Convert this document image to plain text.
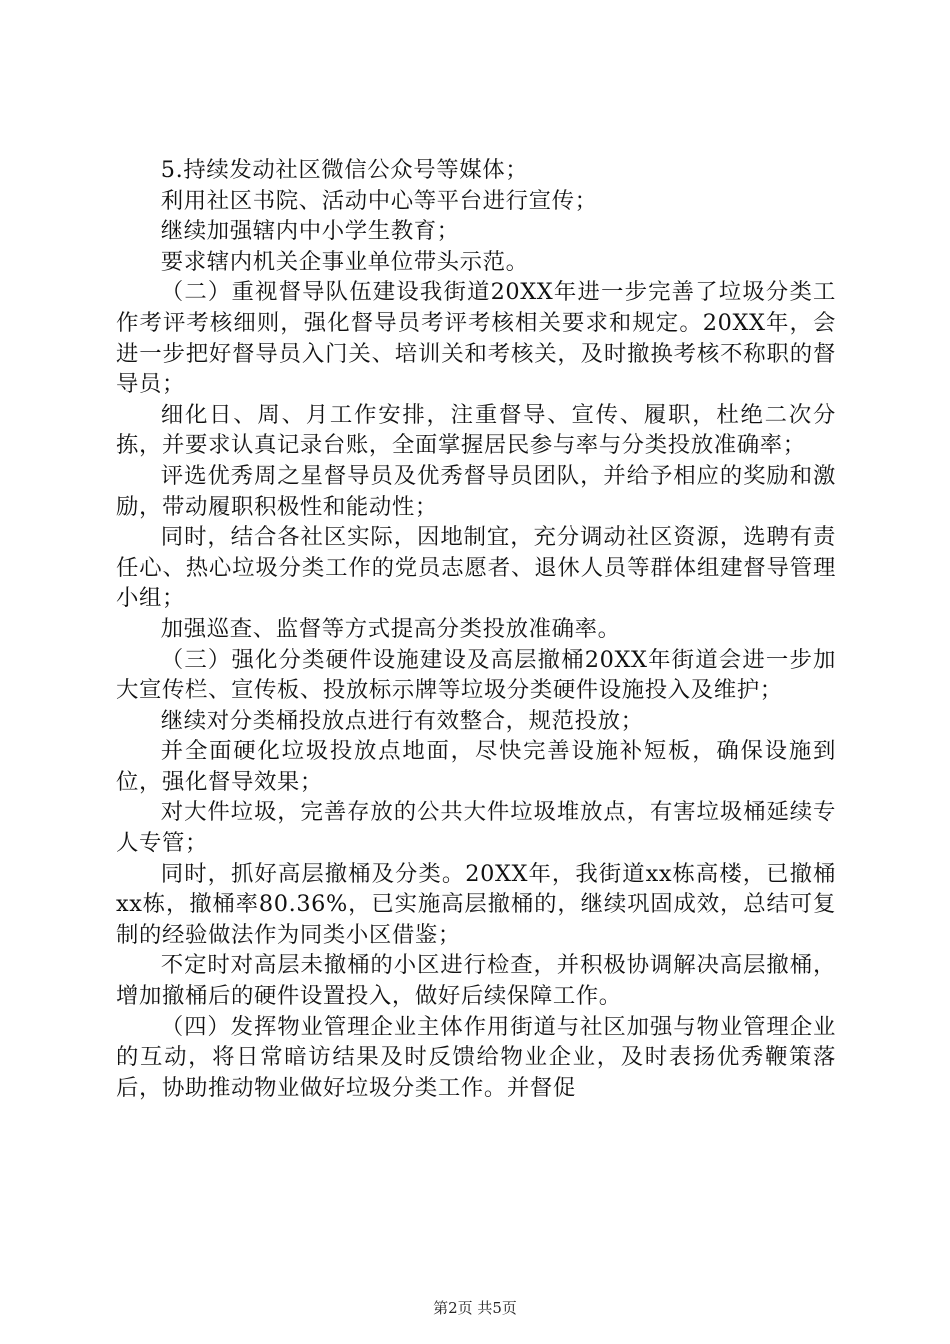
5.持续发动社区微信公众号等媒体；

利用社区书院、活动中心等平台进行宣传；

继续加强辖内中小学生教育；

要求辖内机关企事业单位带头示范。

（二）重视督导队伍建设我街道20XX年进一步完善了垃圾分类工作考评考核细则，强化督导员考评考核相关要求和规定。20XX年，会进一步把好督导员入门关、培训关和考核关，及时撤换考核不称职的督导员；

细化日、周、月工作安排，注重督导、宣传、履职，杜绝二次分拣，并要求认真记录台账，全面掌握居民参与率与分类投放准确率；

评选优秀周之星督导员及优秀督导员团队，并给予相应的奖励和激励，带动履职积极性和能动性；

同时，结合各社区实际，因地制宜，充分调动社区资源，选聘有责任心、热心垃圾分类工作的党员志愿者、退休人员等群体组建督导管理小组；

加强巡查、监督等方式提高分类投放准确率。

（三）强化分类硬件设施建设及高层撤桶20XX年街道会进一步加大宣传栏、宣传板、投放标示牌等垃圾分类硬件设施投入及维护；

继续对分类桶投放点进行有效整合，规范投放；

并全面硬化垃圾投放点地面，尽快完善设施补短板，确保设施到位，强化督导效果；

对大件垃圾，完善存放的公共大件垃圾堆放点，有害垃圾桶延续专人专管；

同时，抓好高层撤桶及分类。20XX年，我街道xx栋高楼，已撤桶xx栋，撤桶率80.36%，已实施高层撤桶的，继续巩固成效，总结可复制的经验做法作为同类小区借鉴；

不定时对高层未撤桶的小区进行检查，并积极协调解决高层撤桶，增加撤桶后的硬件设置投入，做好后续保障工作。

（四）发挥物业管理企业主体作用街道与社区加强与物业管理企业的互动，将日常暗访结果及时反馈给物业企业，及时表扬优秀鞭策落后，协助推动物业做好垃圾分类工作。并督促

第2页 共5页
